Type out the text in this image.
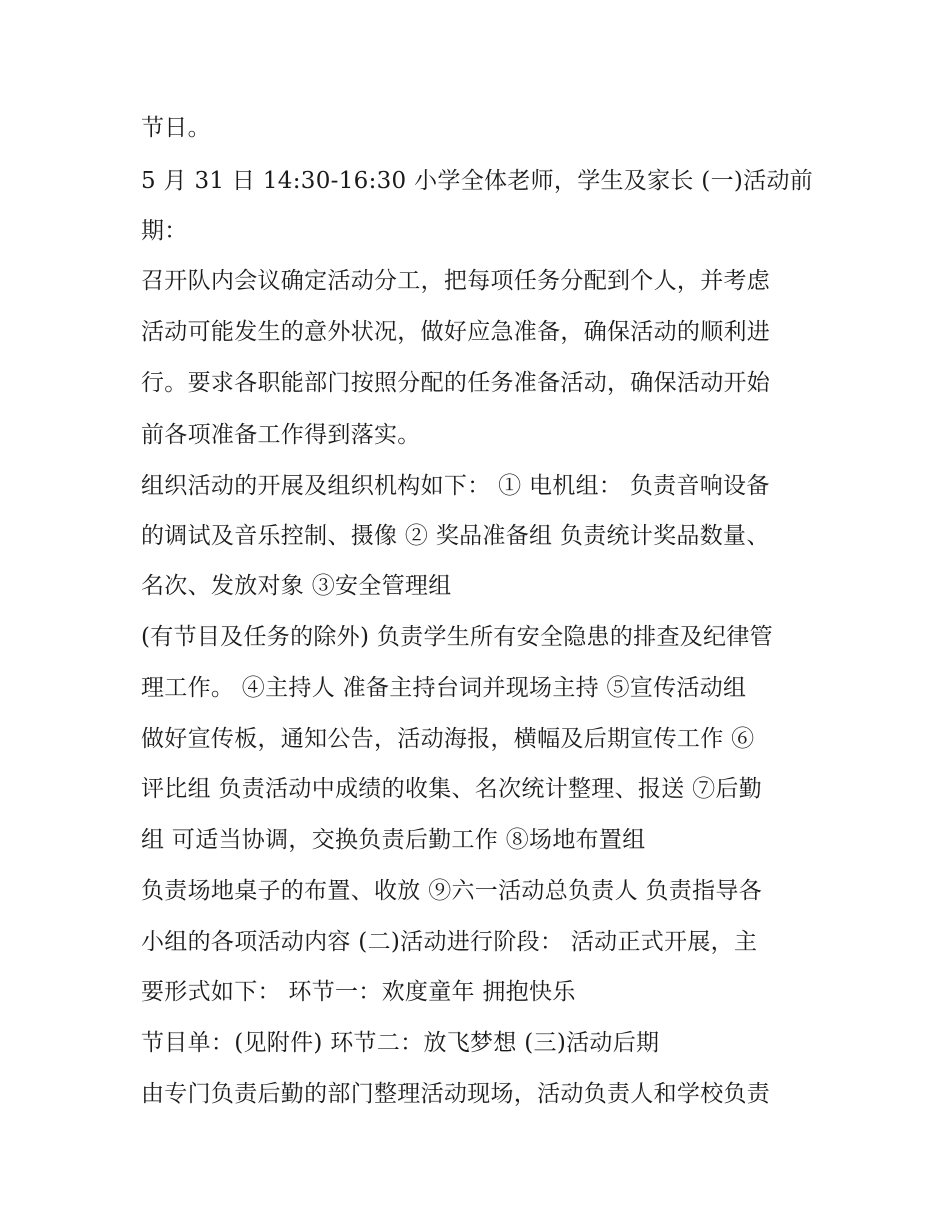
节日。
5 月 31 日 14:30-16:30 小学全体老师，学生及家长 (一)活动前
期：
召开队内会议确定活动分工，把每项任务分配到个人，并考虑
活动可能发生的意外状况，做好应急准备，确保活动的顺利进
行。要求各职能部门按照分配的任务准备活动，确保活动开始
前各项准备工作得到落实。
组织活动的开展及组织机构如下： ① 电机组： 负责音响设备
的调试及音乐控制、摄像 ② 奖品准备组 负责统计奖品数量、
名次、发放对象 ③安全管理组
(有节目及任务的除外) 负责学生所有安全隐患的排查及纪律管
理工作。 ④主持人 准备主持台词并现场主持 ⑤宣传活动组
做好宣传板，通知公告，活动海报，横幅及后期宣传工作 ⑥
评比组 负责活动中成绩的收集、名次统计整理、报送 ⑦后勤
组 可适当协调，交换负责后勤工作 ⑧场地布置组
负责场地桌子的布置、收放 ⑨六一活动总负责人 负责指导各
小组的各项活动内容 (二)活动进行阶段： 活动正式开展，主
要形式如下： 环节一：欢度童年 拥抱快乐
节目单：(见附件) 环节二：放飞梦想 (三)活动后期
由专门负责后勤的部门整理活动现场，活动负责人和学校负责
